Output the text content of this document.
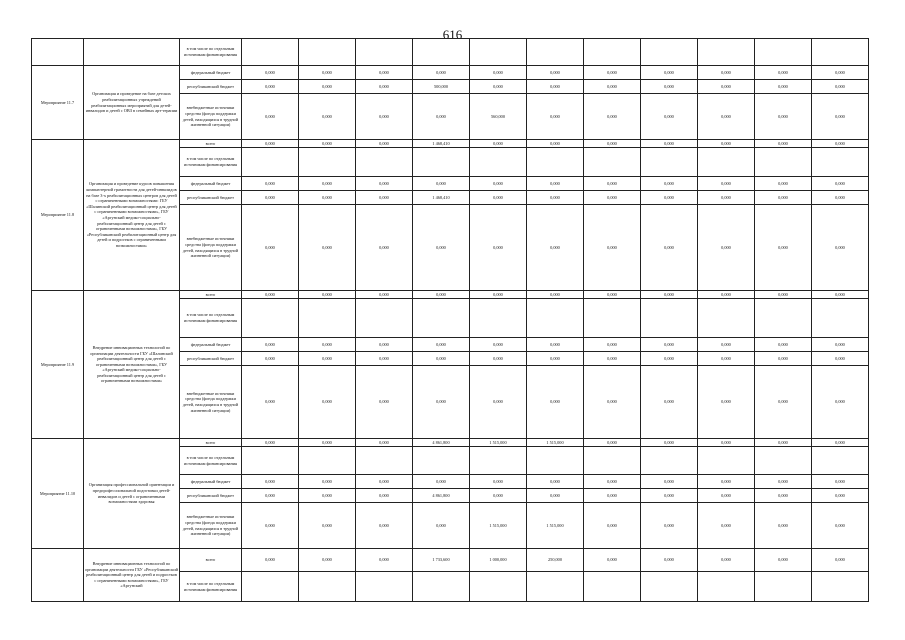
616
		в том числе по отдельным источникам финансирования											
Мероприятие 11.7	Организация и проведение на базе детских реабилитационных учреждений реабилитационных мероприятий для детей-инвалидов и детей с ОВЗ в семейных арт-терапии	федеральный бюджет	0,000	0,000	0,000	0,000	0,000	0,000	0,000	0,000	0,000	0,000	0,000
		республиканский бюджет	0,000	0,000	0,000	500,000	0,000	0,000	0,000	0,000	0,000	0,000	0,000
		внебюджетные источники средства (фонда поддержки детей, находящихся в трудной жизненной ситуации)	0,000	0,000	0,000	0,000	560,000	0,000	0,000	0,000	0,000	0,000	0,000
Мероприятие 11.8	Организация и проведение курсов повышения компьютерной грамотности для детей-инвалидов на базе 3-х реабилитационных центров для детей с ограниченными возможностями: ГБУ «Шалинский реабилитационный центр для детей с ограниченными возможностями», ГБУ «Аргунский медико-социально-реабилитационный центр для детей с ограниченными возможностями», ГБУ «Республиканский реабилитационный центр для детей и подростков с ограниченными возможностями»	всего	0,000	0,000	0,000	1 468,410	0,000	0,000	0,000	0,000	0,000	0,000	0,000
		в том числе по отдельным источникам финансирования											
		федеральный бюджет	0,000	0,000	0,000	0,000	0,000	0,000	0,000	0,000	0,000	0,000	0,000
		республиканский бюджет	0,000	0,000	0,000	1 468,410	0,000	0,000	0,000	0,000	0,000	0,000	0,000
		внебюджетные источники средства (фонда поддержки детей, находящихся в трудной жизненной ситуации)	0,000	0,000	0,000	0,000	0,000	0,000	0,000	0,000	0,000	0,000	0,000
Мероприятие 11.9	Внедрение инновационных технологий по организации деятельности ГБУ «Шалинский реабилитационный центр для детей с ограниченными возможностями», ГБУ «Аргунский медико-социально-реабилитационный центр для детей с ограниченными возможностями»	всего	0,000	0,000	0,000	0,000	0,000	0,000	0,000	0,000	0,000	0,000	0,000
		в том числе по отдельным источникам финансирования											
		федеральный бюджет	0,000	0,000	0,000	0,000	0,000	0,000	0,000	0,000	0,000	0,000	0,000
		республиканский бюджет	0,000	0,000	0,000	0,000	0,000	0,000	0,000	0,000	0,000	0,000	0,000
		внебюджетные источники средства (фонда поддержки детей, находящихся в трудной жизненной ситуации)	0,000	0,000	0,000	0,000	0,000	0,000	0,000	0,000	0,000	0,000	0,000
Мероприятие 11.10	Организация профессиональной ориентации и предпрофессиональной подготовки детей-инвалидов и детей с ограниченными возможностями здоровья	всего	0,000	0,000	0,000	4 861,800	1 515,000	1 515,000	0,000	0,000	0,000	0,000	0,000
		в том числе по отдельным источникам финансирования											
		федеральный бюджет	0,000	0,000	0,000	0,000	0,000	0,000	0,000	0,000	0,000	0,000	0,000
		республиканский бюджет	0,000	0,000	0,000	4 861,800	0,000	0,000	0,000	0,000	0,000	0,000	0,000
		внебюджетные источники средства (фонда поддержки детей, находящихся в трудной жизненной ситуации)	0,000	0,000	0,000	0,000	1 515,000	1 515,000	0,000	0,000	0,000	0,000	0,000
	Внедрение инновационных технологий по организации деятельности ГБУ «Республиканский реабилитационный центр для детей и подростков с ограниченными возможностями», ГБУ «Аргунский	всего	0,000	0,000	0,000	1 733,600	1 000,000	250,000	0,000	0,000	0,000	0,000	0,000
		в том числе по отдельным источникам финансирования											
